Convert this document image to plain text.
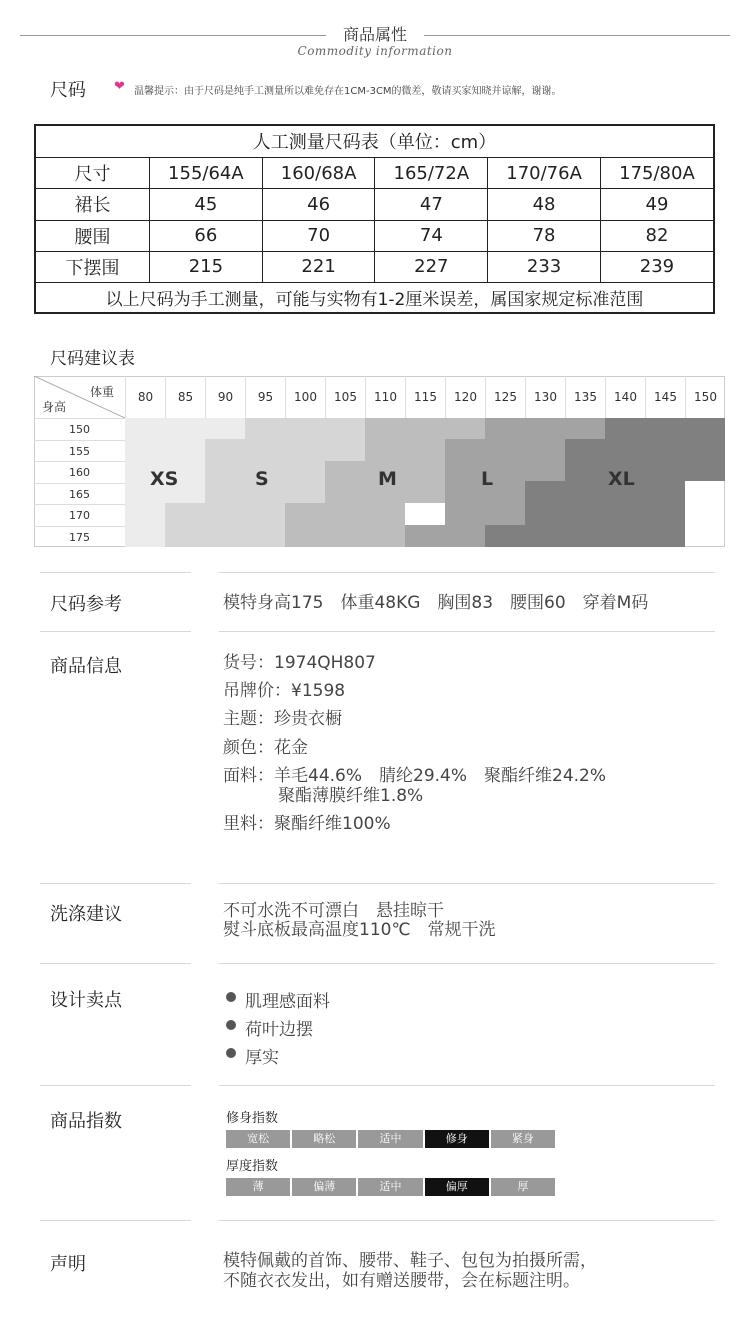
商品属性
Commodity information
尺码 ❤ 温馨提示：由于尺码是纯手工测量所以难免存在1CM-3CM的微差，敬请买家知晓并谅解，谢谢。
人工测量尺码表（单位：cm）					
尺寸	155/64A	160/68A	165/72A	170/76A	175/80A
裙长	45	46	47	48	49
腰围	66	70	74	78	82
下摆围	215	221	227	233	239
以上尺码为手工测量，可能与实物有1-2厘米误差，属国家规定标准范围					
尺码建议表
体重
身高
80	85	90	95	100	105	110	115	120	125	130	135	140	145	150
150
155
160
165
170
175
XS	S	M	L	XL
尺码参考	模特身高175　体重48KG　胸围83　腰围60　穿着M码
商品信息	货号：1974QH807
吊牌价：¥1598
主题：珍贵衣橱
颜色：花金
面料：羊毛44.6%　腈纶29.4%　聚酯纤维24.2%
聚酯薄膜纤维1.8%
里料：聚酯纤维100%
洗涤建议	不可水洗不可漂白　悬挂晾干
熨斗底板最高温度110℃　常规干洗
设计卖点	肌理感面料
荷叶边摆
厚实
商品指数	修身指数
宽松	略松	适中	修身	紧身
厚度指数
薄	偏薄	适中	偏厚	厚
声明	模特佩戴的首饰、腰带、鞋子、包包为拍摄所需，
不随衣衣发出，如有赠送腰带，会在标题注明。
